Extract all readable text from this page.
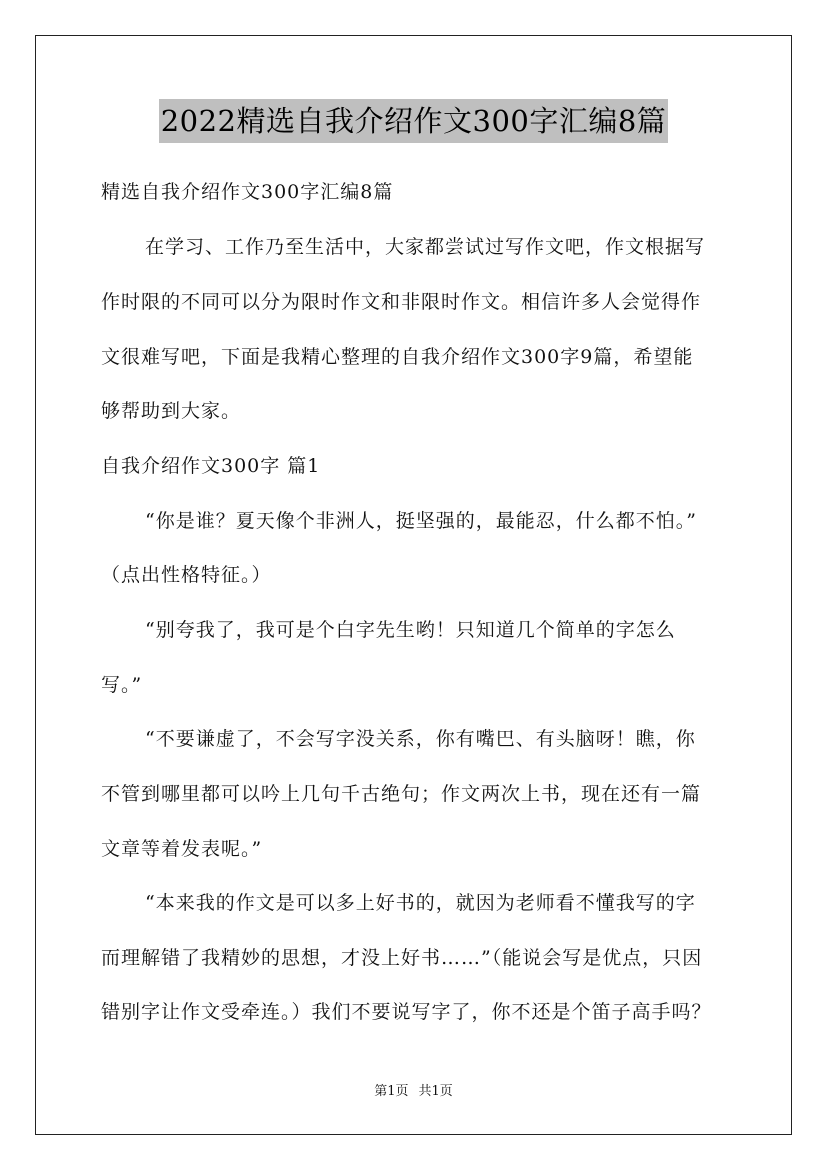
2022精选自我介绍作文300字汇编8篇
精选自我介绍作文300字汇编8篇
在学习、工作乃至生活中，大家都尝试过写作文吧，作文根据写
作时限的不同可以分为限时作文和非限时作文。相信许多人会觉得作
文很难写吧，下面是我精心整理的自我介绍作文300字9篇，希望能
够帮助到大家。
自我介绍作文300字 篇1
“你是谁？夏天像个非洲人，挺坚强的，最能忍，什么都不怕。”
（点出性格特征。）
“别夸我了，我可是个白字先生哟！只知道几个简单的字怎么
写。”
“不要谦虚了，不会写字没关系，你有嘴巴、有头脑呀！瞧，你
不管到哪里都可以吟上几句千古绝句；作文两次上书，现在还有一篇
文章等着发表呢。”
“本来我的作文是可以多上好书的，就因为老师看不懂我写的字
而理解错了我精妙的思想，才没上好书……”（能说会写是优点，只因
错别字让作文受牵连。）我们不要说写字了，你不还是个笛子高手吗？
第1页 共1页
